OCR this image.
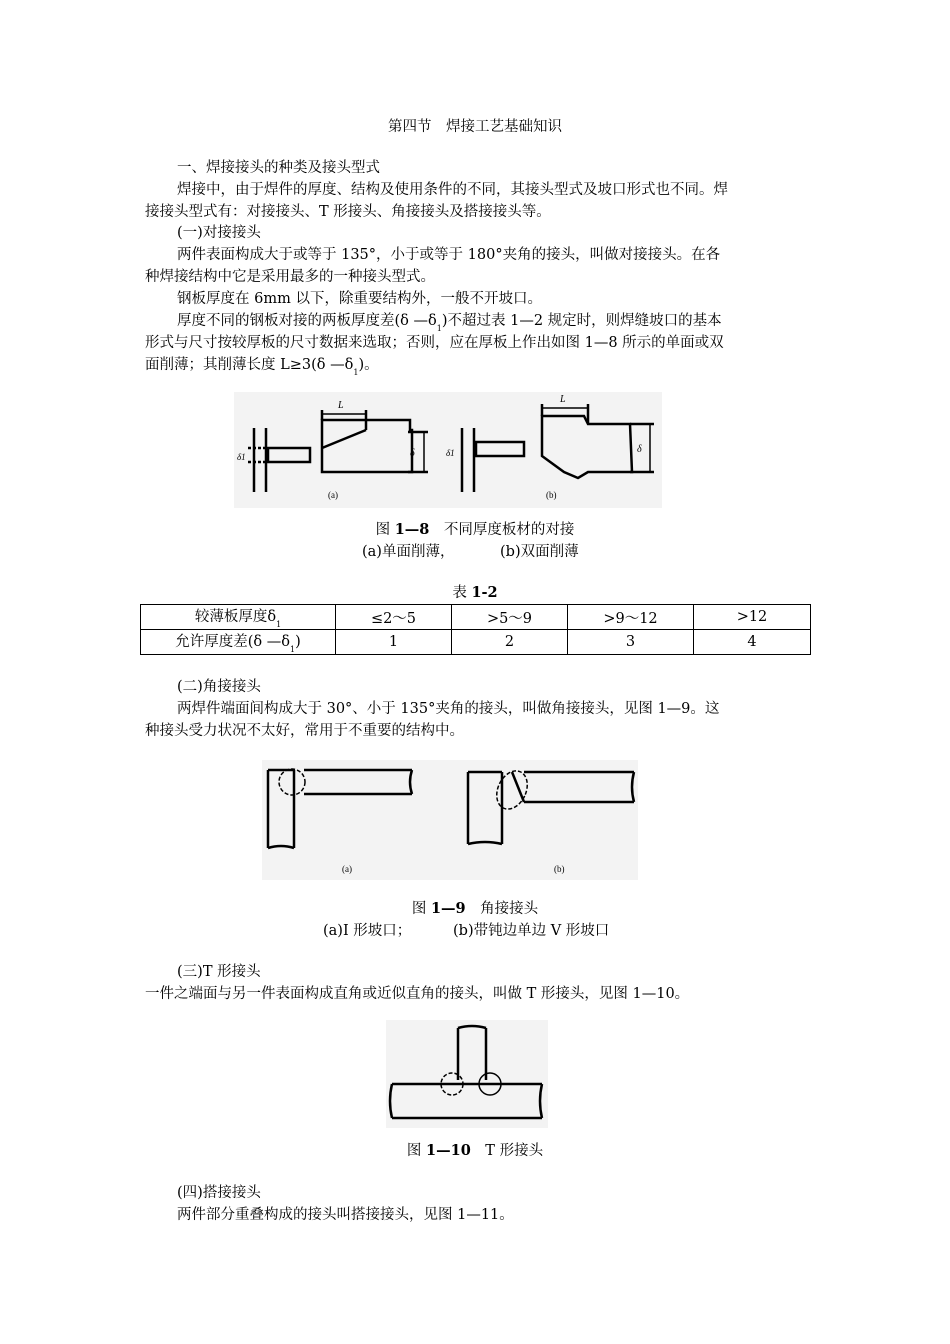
第四节　焊接工艺基础知识
一、焊接接头的种类及接头型式
焊接中，由于焊件的厚度、结构及使用条件的不同，其接头型式及坡口形式也不同。焊
接接头型式有：对接接头、T 形接头、角接接头及搭接接头等。
(一)对接接头
两件表面构成大于或等于 135°，小于或等于 180°夹角的接头，叫做对接接头。在各
种焊接结构中它是采用最多的一种接头型式。
钢板厚度在 6mm 以下，除重要结构外，一般不开坡口。
厚度不同的钢板对接的两板厚度差(δ $—\delta_1$)不超过表 1—2 规定时，则焊缝坡口的基本
形式与尺寸按较厚板的尺寸数据来选取；否则，应在厚板上作出如图 1—8 所示的单面或双
面削薄；其削薄长度 L≥3(δ $—\delta_1$)。
L
L
δ	δ
δ1	δ1
(a)	(b)
图 1—8　不同厚度板材的对接
(a)单面削薄，	(b)双面削薄
表 1-2
较薄板厚度$\delta_1$	≤2～5	>5～9	>9～12	>12
允许厚度差(δ $—\delta_1$)	1	2	3	4
(二)角接接头
两焊件端面间构成大于 30°、小于 135°夹角的接头，叫做角接接头，见图 1—9。这
种接头受力状况不太好，常用于不重要的结构中。
(a)	(b)
图 1—9　角接接头
(a)I 形坡口；	(b)带钝边单边 V 形坡口
(三)T 形接头
一件之端面与另一件表面构成直角或近似直角的接头，叫做 T 形接头，见图 1—10。
图 1—10　T 形接头
(四)搭接接头
两件部分重叠构成的接头叫搭接接头，见图 1—11。
